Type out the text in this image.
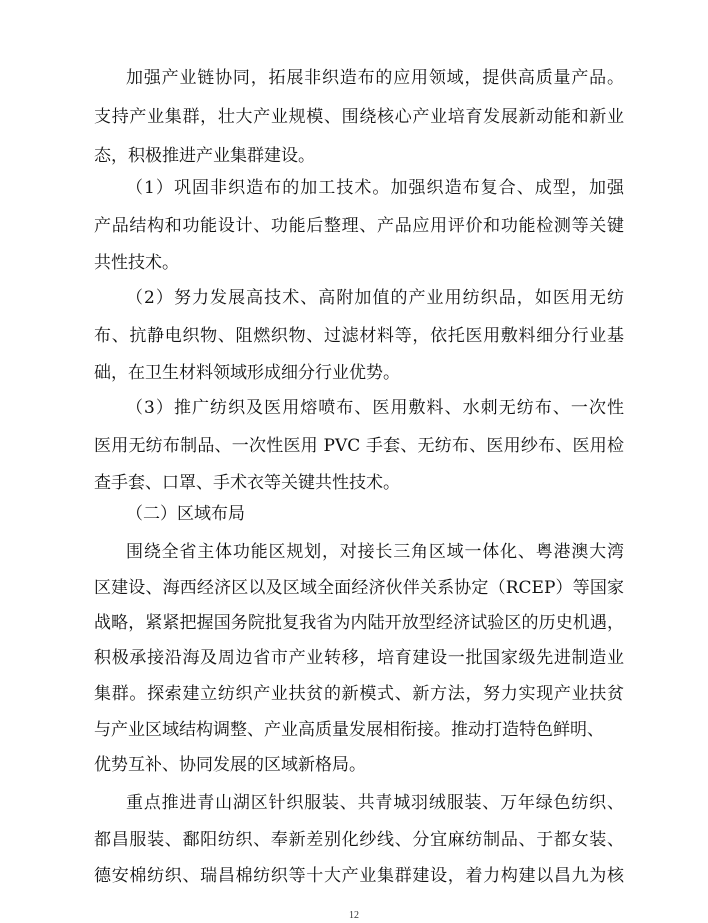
加强产业链协同，拓展非织造布的应用领域，提供高质量产品。
支持产业集群，壮大产业规模、围绕核心产业培育发展新动能和新业
态，积极推进产业集群建设。
（1）巩固非织造布的加工技术。加强织造布复合、成型，加强
产品结构和功能设计、功能后整理、产品应用评价和功能检测等关键
共性技术。
（2）努力发展高技术、高附加值的产业用纺织品，如医用无纺
布、抗静电织物、阻燃织物、过滤材料等，依托医用敷料细分行业基
础，在卫生材料领域形成细分行业优势。
（3）推广纺织及医用熔喷布、医用敷料、水刺无纺布、一次性
医用无纺布制品、一次性医用 PVC 手套、无纺布、医用纱布、医用检
查手套、口罩、手术衣等关键共性技术。
（二）区域布局
围绕全省主体功能区规划，对接长三角区域一体化、粤港澳大湾
区建设、海西经济区以及区域全面经济伙伴关系协定（RCEP）等国家
战略，紧紧把握国务院批复我省为内陆开放型经济试验区的历史机遇，
积极承接沿海及周边省市产业转移，培育建设一批国家级先进制造业
集群。探索建立纺织产业扶贫的新模式、新方法，努力实现产业扶贫
与产业区域结构调整、产业高质量发展相衔接。推动打造特色鲜明、
优势互补、协同发展的区域新格局。
重点推进青山湖区针织服装、共青城羽绒服装、万年绿色纺织、
都昌服装、鄱阳纺织、奉新差别化纱线、分宜麻纺制品、于都女装、
德安棉纺织、瑞昌棉纺织等十大产业集群建设，着力构建以昌九为核
12
